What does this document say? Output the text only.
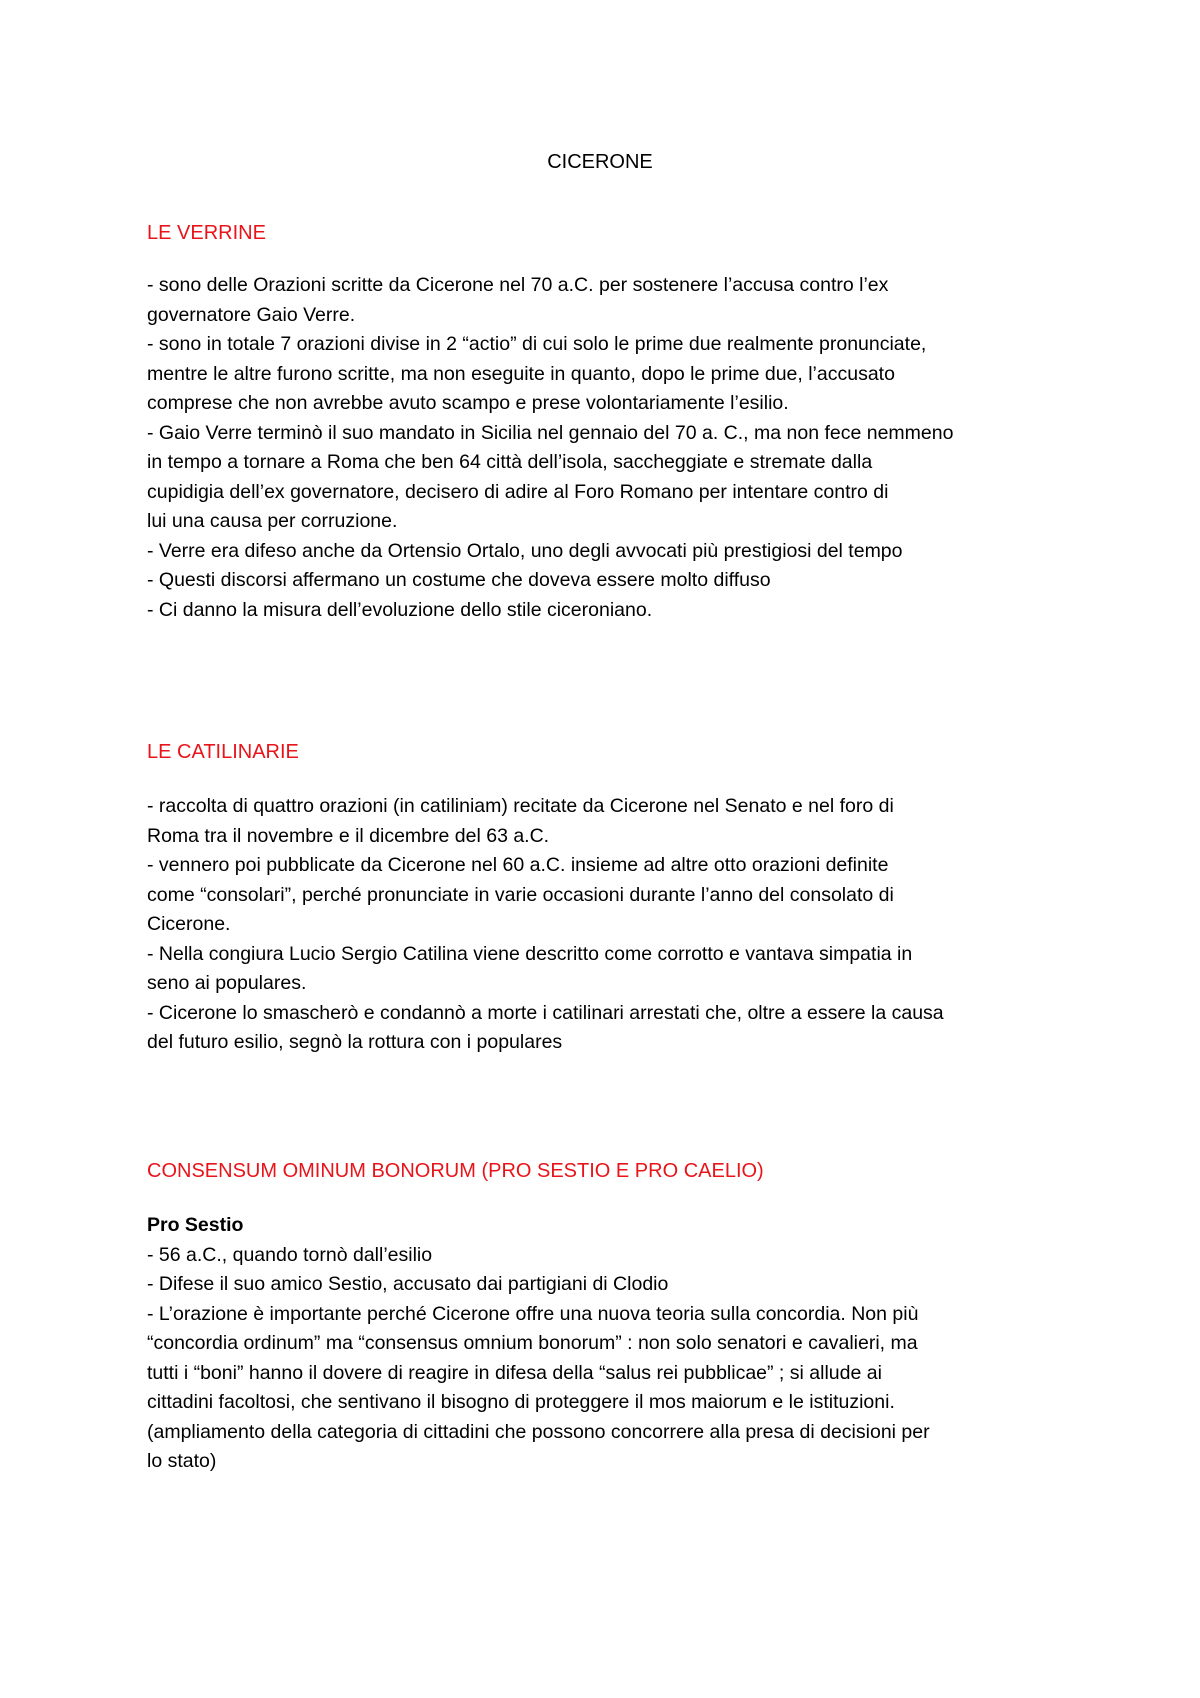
CICERONE
LE VERRINE
- sono delle Orazioni scritte da Cicerone nel 70 a.C. per sostenere l’accusa contro l’ex
governatore Gaio Verre.
- sono in totale 7 orazioni divise in 2 “actio” di cui solo le prime due realmente pronunciate,
mentre le altre furono scritte, ma non eseguite in quanto, dopo le prime due, l’accusato
comprese che non avrebbe avuto scampo e prese volontariamente l’esilio.
- Gaio Verre terminò il suo mandato in Sicilia nel gennaio del 70 a. C., ma non fece nemmeno
in tempo a tornare a Roma che ben 64 città dell’isola, saccheggiate e stremate dalla
cupidigia dell’ex governatore, decisero di adire al Foro Romano per intentare contro di
lui una causa per corruzione.
- Verre era difeso anche da Ortensio Ortalo, uno degli avvocati più prestigiosi del tempo
- Questi discorsi affermano un costume che doveva essere molto diffuso
- Ci danno la misura dell’evoluzione dello stile ciceroniano.
LE CATILINARIE
- raccolta di quattro orazioni (in catiliniam) recitate da Cicerone nel Senato e nel foro di
Roma tra il novembre e il dicembre del 63 a.C.
- vennero poi pubblicate da Cicerone nel 60 a.C. insieme ad altre otto orazioni definite
come “consolari”, perché pronunciate in varie occasioni durante l’anno del consolato di
Cicerone.
- Nella congiura Lucio Sergio Catilina viene descritto come corrotto e vantava simpatia in
seno ai populares.
- Cicerone lo smascherò e condannò a morte i catilinari arrestati che, oltre a essere la causa
del futuro esilio, segnò la rottura con i populares
CONSENSUM OMINUM BONORUM (PRO SESTIO E PRO CAELIO)
Pro Sestio
- 56 a.C., quando tornò dall’esilio
- Difese il suo amico Sestio, accusato dai partigiani di Clodio
- L’orazione è importante perché Cicerone offre una nuova teoria sulla concordia. Non più
“concordia ordinum” ma “consensus omnium bonorum” : non solo senatori e cavalieri, ma
tutti i “boni” hanno il dovere di reagire in difesa della “salus rei pubblicae” ; si allude ai
cittadini facoltosi, che sentivano il bisogno di proteggere il mos maiorum e le istituzioni.
(ampliamento della categoria di cittadini che possono concorrere alla presa di decisioni per
lo stato)
